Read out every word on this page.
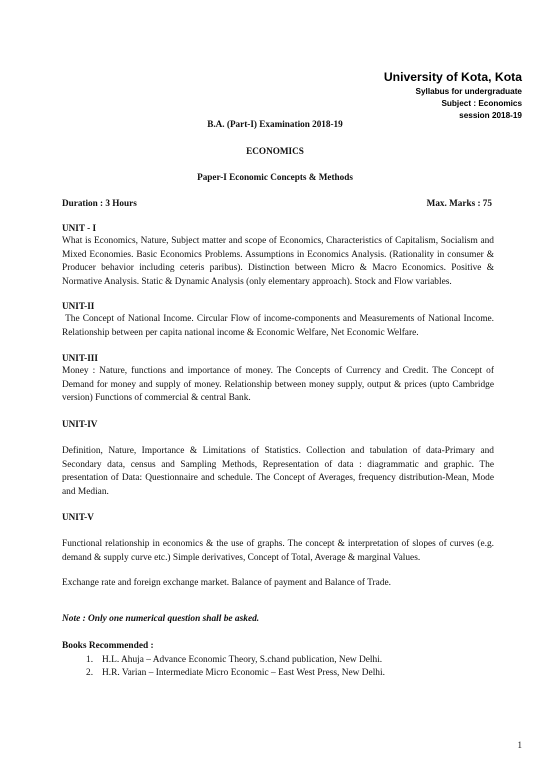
University of Kota, Kota
Syllabus for undergraduate
Subject : Economics
session 2018-19
B.A. (Part-I) Examination 2018-19
ECONOMICS
Paper-I Economic Concepts & Methods
Duration : 3 Hours	Max. Marks : 75
UNIT - I
What is Economics, Nature, Subject matter and scope of Economics, Characteristics of Capitalism, Socialism and Mixed Economies. Basic Economics Problems. Assumptions in Economics Analysis. (Rationality in consumer & Producer behavior including ceteris paribus). Distinction between Micro & Macro Economics. Positive & Normative Analysis. Static & Dynamic Analysis (only elementary approach). Stock and Flow variables.
UNIT-II
The Concept of National Income. Circular Flow of income-components and Measurements of National Income. Relationship between per capita national income & Economic Welfare, Net Economic Welfare.
UNIT-III
Money : Nature, functions and importance of money. The Concepts of Currency and Credit. The Concept of Demand for money and supply of money. Relationship between money supply, output & prices (upto Cambridge version) Functions of commercial & central Bank.
UNIT-IV
Definition, Nature, Importance & Limitations of Statistics. Collection and tabulation of data-Primary and Secondary data, census and Sampling Methods, Representation of data : diagrammatic and graphic. The presentation of Data: Questionnaire and schedule. The Concept of Averages, frequency distribution-Mean, Mode and Median.
UNIT-V
Functional relationship in economics & the use of graphs. The concept & interpretation of slopes of curves (e.g. demand & supply curve etc.) Simple derivatives, Concept of Total, Average & marginal Values.
Exchange rate and foreign exchange market. Balance of payment and Balance of Trade.
Note : Only one numerical question shall be asked.
Books Recommended :
1. H.L. Ahuja – Advance Economic Theory, S.chand publication, New Delhi.
2. H.R. Varian – Intermediate Micro Economic – East West Press, New Delhi.
1
